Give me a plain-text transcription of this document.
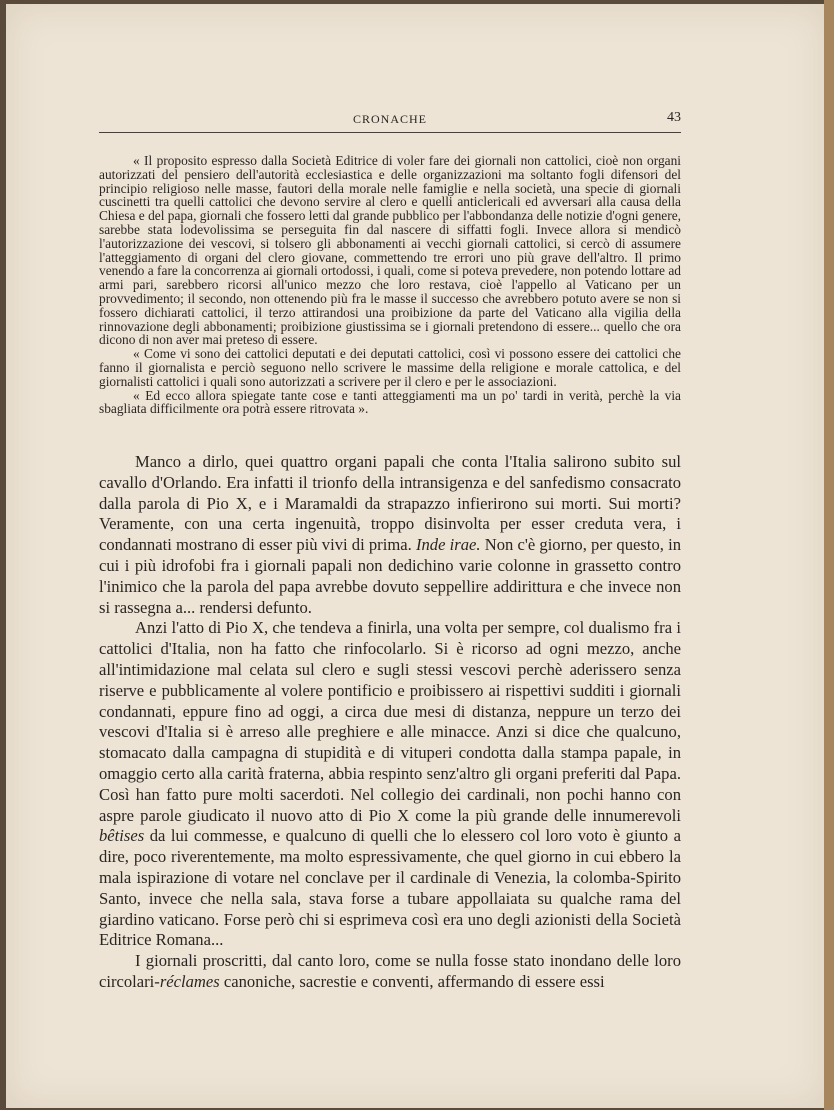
CRONACHE	43

« Il proposito espresso dalla Società Editrice di voler fare dei giornali non cattolici, cioè non organi autorizzati del pensiero dell'autorità ecclesiastica e delle organizzazioni ma soltanto fogli difensori del principio religioso nelle masse, fautori della morale nelle famiglie e nella società, una specie di giornali cuscinetti tra quelli cattolici che devono servire al clero e quelli anticlericali ed avversari alla causa della Chiesa e del papa, giornali che fossero letti dal grande pubblico per l'abbondanza delle notizie d'ogni genere, sarebbe stata lodevolissima se perseguita fin dal nascere di siffatti fogli. Invece allora si mendicò l'autorizzazione dei vescovi, si tolsero gli abbonamenti ai vecchi giornali cattolici, si cercò di assumere l'atteggiamento di organi del clero giovane, commettendo tre errori uno più grave dell'altro. Il primo venendo a fare la concorrenza ai giornali ortodossi, i quali, come si poteva prevedere, non potendo lottare ad armi pari, sarebbero ricorsi all'unico mezzo che loro restava, cioè l'appello al Vaticano per un provvedimento; il secondo, non ottenendo più fra le masse il successo che avrebbero potuto avere se non si fossero dichiarati cattolici, il terzo attirandosi una proibizione da parte del Vaticano alla vigilia della rinnovazione degli abbonamenti; proibizione giustissima se i giornali pretendono di essere... quello che ora dicono di non aver mai preteso di essere.

« Come vi sono dei cattolici deputati e dei deputati cattolici, così vi possono essere dei cattolici che fanno il giornalista e perciò seguono nello scrivere le massime della religione e morale cattolica, e del giornalisti cattolici i quali sono autorizzati a scrivere per il clero e per le associazioni.

« Ed ecco allora spiegate tante cose e tanti atteggiamenti ma un po' tardi in verità, perchè la via sbagliata difficilmente ora potrà essere ritrovata ».

Manco a dirlo, quei quattro organi papali che conta l'Italia salirono subito sul cavallo d'Orlando. Era infatti il trionfo della intransigenza e del sanfedismo consacrato dalla parola di Pio X, e i Maramaldi da strapazzo infierirono sui morti. Sui morti? Veramente, con una certa ingenuità, troppo disinvolta per esser creduta vera, i condannati mostrano di esser più vivi di prima. Inde irae. Non c'è giorno, per questo, in cui i più idrofobi fra i giornali papali non dedichino varie colonne in grassetto contro l'inimico che la parola del papa avrebbe dovuto seppellire addirittura e che invece non si rassegna a... rendersi defunto.

Anzi l'atto di Pio X, che tendeva a finirla, una volta per sempre, col dualismo fra i cattolici d'Italia, non ha fatto che rinfocolarlo. Si è ricorso ad ogni mezzo, anche all'intimidazione mal celata sul clero e sugli stessi vescovi perchè aderissero senza riserve e pubblicamente al volere pontificio e proibissero ai rispettivi sudditi i giornali condannati, eppure fino ad oggi, a circa due mesi di distanza, neppure un terzo dei vescovi d'Italia si è arreso alle preghiere e alle minacce. Anzi si dice che qualcuno, stomacato dalla campagna di stupidità e di vituperi condotta dalla stampa papale, in omaggio certo alla carità fraterna, abbia respinto senz'altro gli organi preferiti dal Papa. Così han fatto pure molti sacerdoti. Nel collegio dei cardinali, non pochi hanno con aspre parole giudicato il nuovo atto di Pio X come la più grande delle innumerevoli bêtises da lui commesse, e qualcuno di quelli che lo elessero col loro voto è giunto a dire, poco riverentemente, ma molto espressivamente, che quel giorno in cui ebbero la mala ispirazione di votare nel conclave per il cardinale di Venezia, la colomba-Spirito Santo, invece che nella sala, stava forse a tubare appollaiata su qualche rama del giardino vaticano. Forse però chi si esprimeva così era uno degli azionisti della Società Editrice Romana...

I giornali proscritti, dal canto loro, come se nulla fosse stato inondano delle loro circolari-réclames canoniche, sacrestie e conventi, affermando di essere essi
